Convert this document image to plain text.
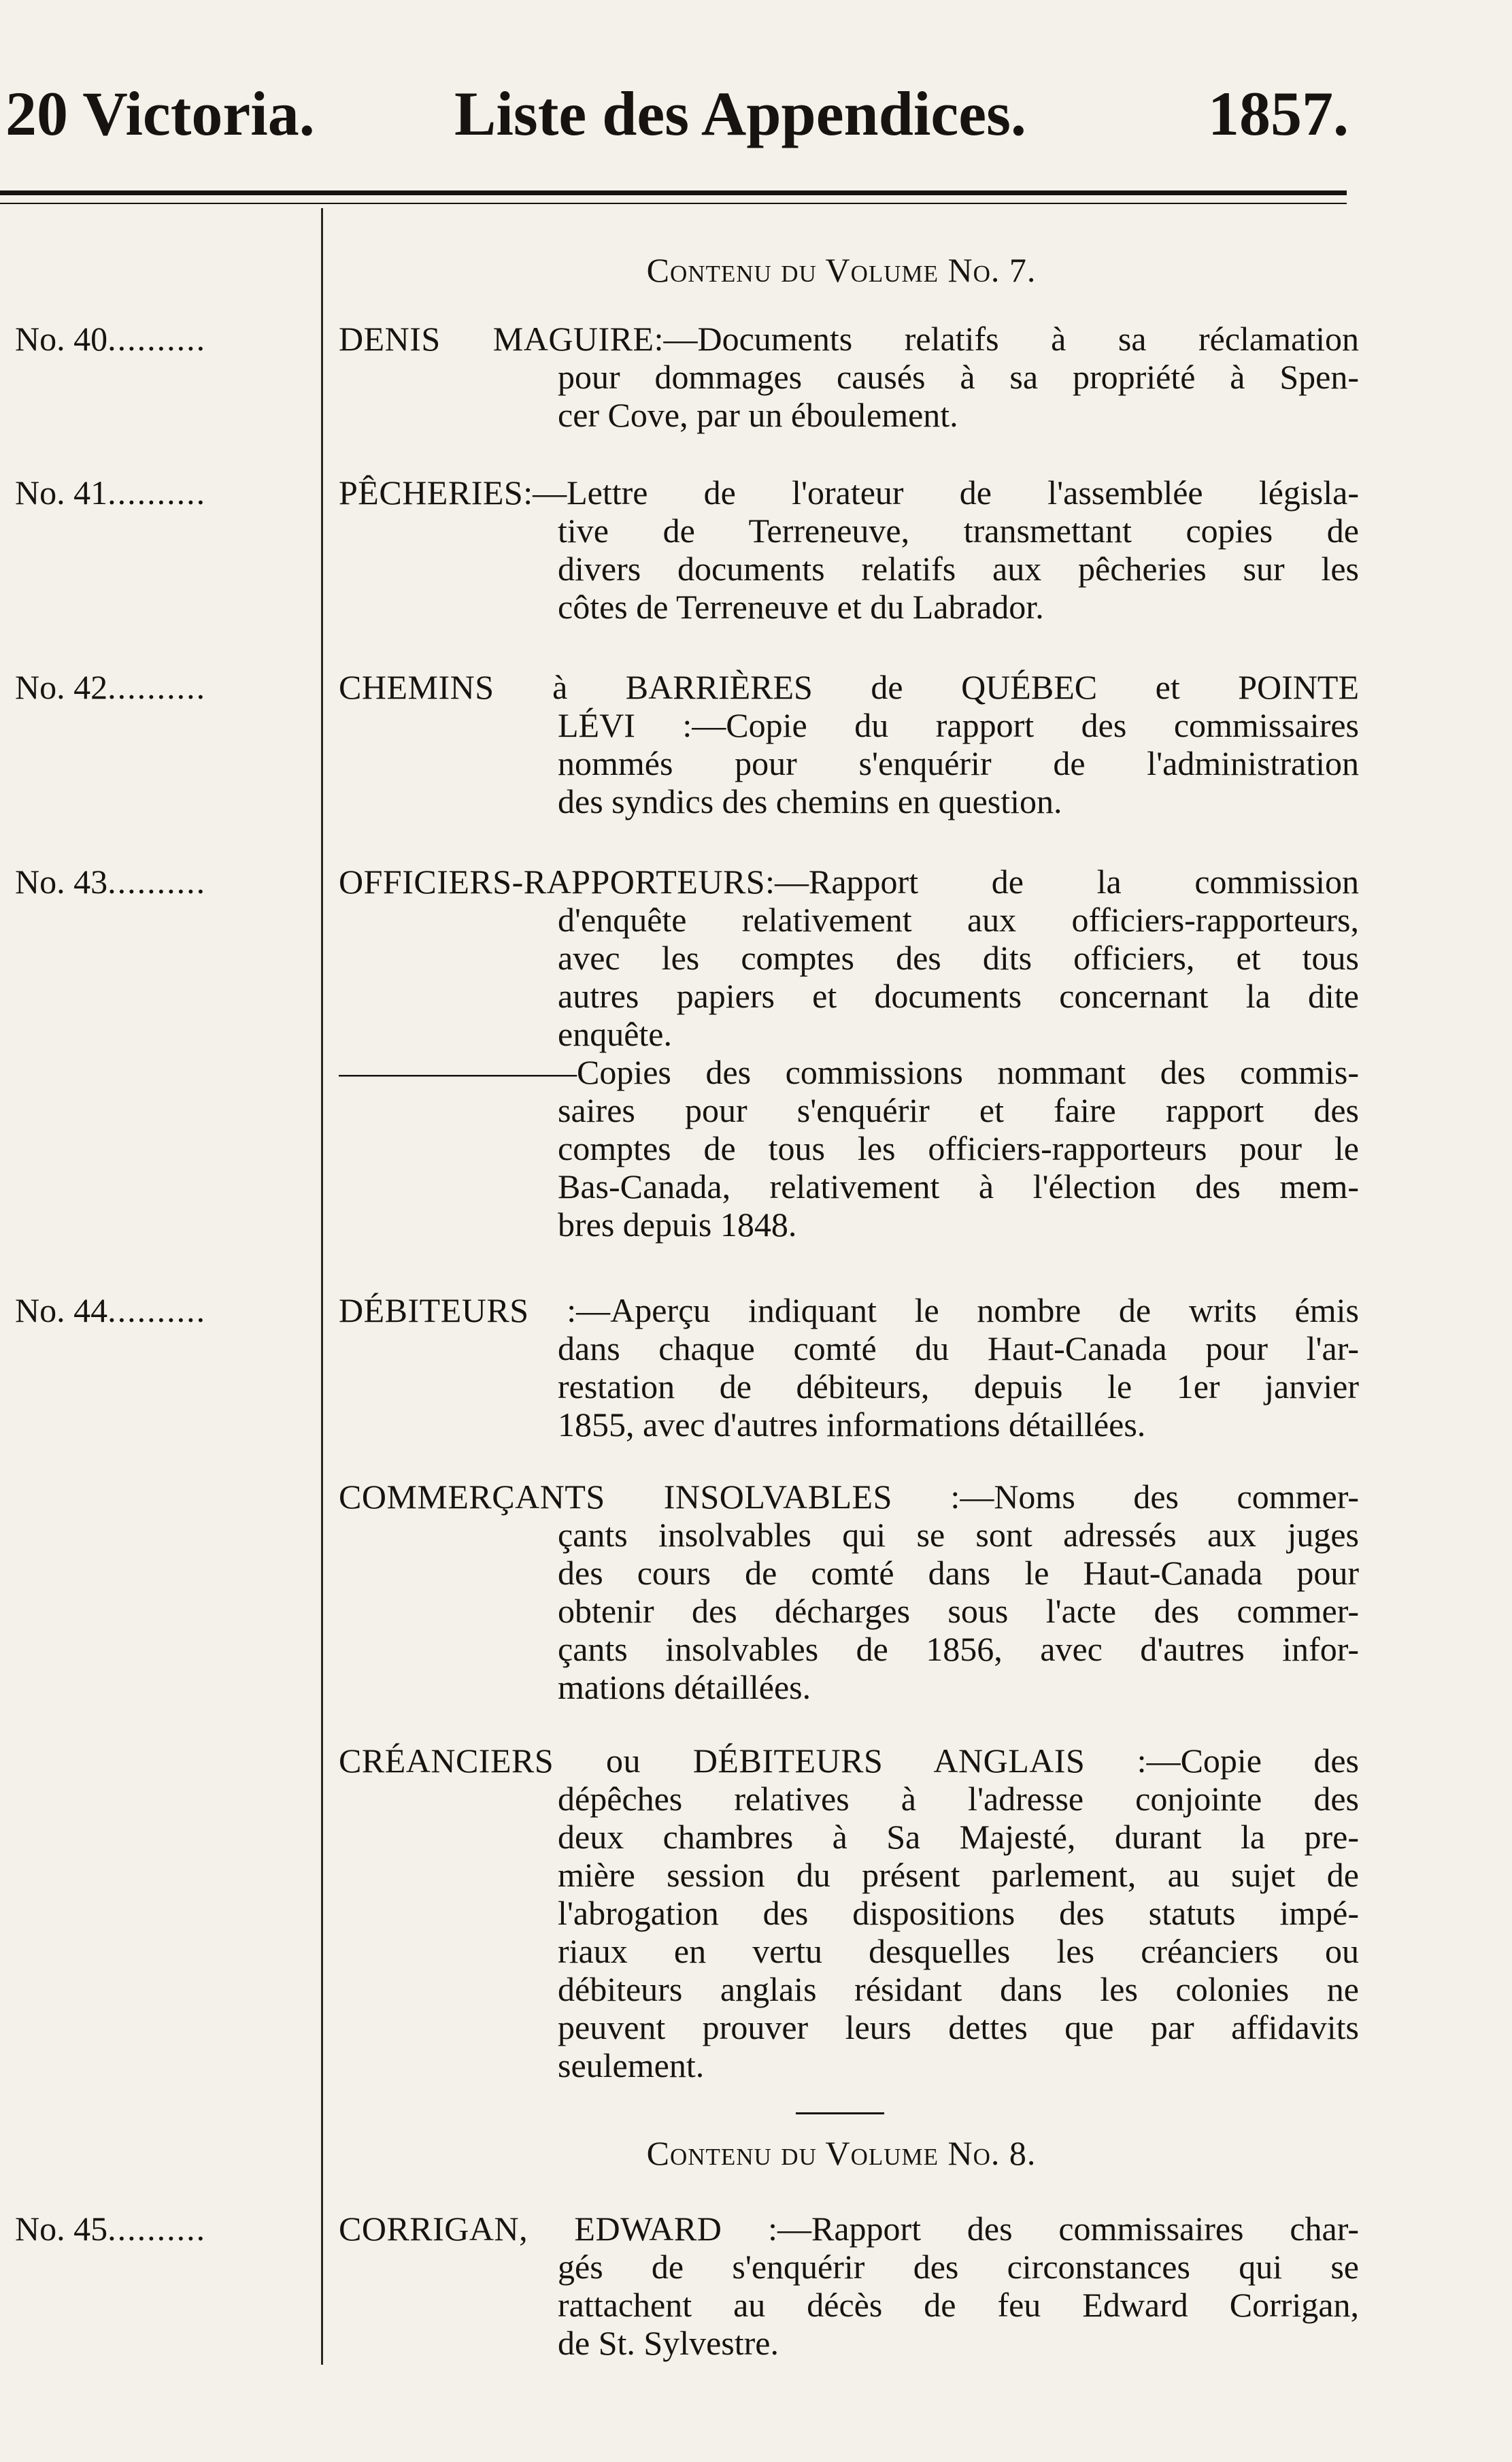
20 Victoria. Liste des Appendices.	1857.
Contenu du Volume No. 7.
No. 40..........	DENIS MAGUIRE:—Documents relatifs à sa réclamation
pour dommages causés à sa propriété à Spen-
cer Cove, par un éboulement.
No. 41..........	PÊCHERIES:—Lettre de l'orateur de l'assemblée législa-
tive de Terreneuve, transmettant copies de
divers documents relatifs aux pêcheries sur les
côtes de Terreneuve et du Labrador.
No. 42..........	CHEMINS à BARRIÈRES de QUÉBEC et POINTE
LÉVI :—Copie du rapport des commissaires
nommés pour s'enquérir de l'administration
des syndics des chemins en question.
No. 43..........	OFFICIERS-RAPPORTEURS:—Rapport de la commission
d'enquête relativement aux officiers-rapporteurs,
avec les comptes des dits officiers, et tous
autres papiers et documents concernant la dite
enquête.
———————Copies des commissions nommant des commis-
saires pour s'enquérir et faire rapport des
comptes de tous les officiers-rapporteurs pour le
Bas-Canada, relativement à l'élection des mem-
bres depuis 1848.
No. 44..........	DÉBITEURS :—Aperçu indiquant le nombre de writs émis
dans chaque comté du Haut-Canada pour l'ar-
restation de débiteurs, depuis le 1er janvier
1855, avec d'autres informations détaillées.
COMMERÇANTS INSOLVABLES :—Noms des commer-
çants insolvables qui se sont adressés aux juges
des cours de comté dans le Haut-Canada pour
obtenir des décharges sous l'acte des commer-
çants insolvables de 1856, avec d'autres infor-
mations détaillées.
CRÉANCIERS ou DÉBITEURS ANGLAIS :—Copie des
dépêches relatives à l'adresse conjointe des
deux chambres à Sa Majesté, durant la pre-
mière session du présent parlement, au sujet de
l'abrogation des dispositions des statuts impé-
riaux en vertu desquelles les créanciers ou
débiteurs anglais résidant dans les colonies ne
peuvent prouver leurs dettes que par affidavits
seulement.
Contenu du Volume No. 8.
No. 45..........	CORRIGAN, EDWARD :—Rapport des commissaires char-
gés de s'enquérir des circonstances qui se
rattachent au décès de feu Edward Corrigan,
de St. Sylvestre.
